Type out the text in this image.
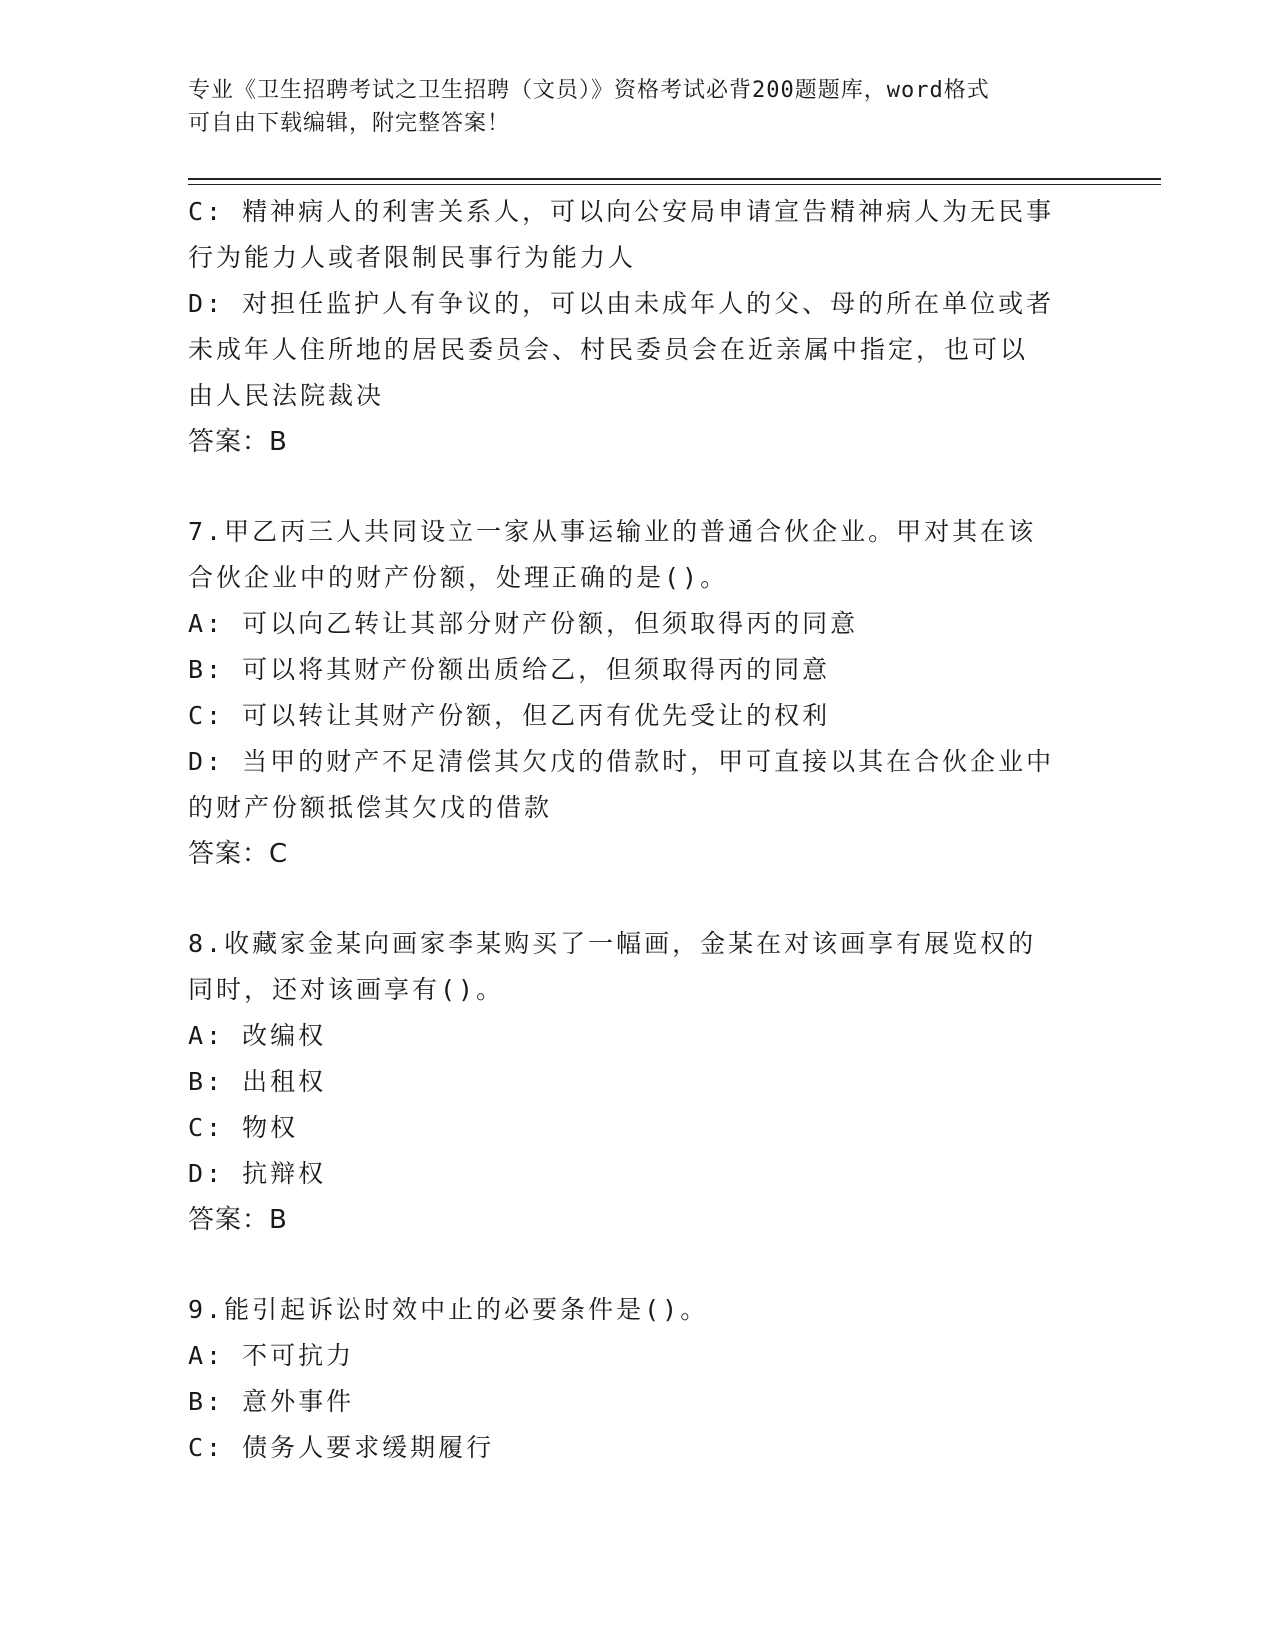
专业《卫生招聘考试之卫生招聘（文员）》资格考试必背200题题库，word格式
可自由下载编辑，附完整答案！
C: 精神病人的利害关系人，可以向公安局申请宣告精神病人为无民事
行为能力人或者限制民事行为能力人
D: 对担任监护人有争议的，可以由未成年人的父、母的所在单位或者
未成年人住所地的居民委员会、村民委员会在近亲属中指定，也可以
由人民法院裁决
答案：B
7.甲乙丙三人共同设立一家从事运输业的普通合伙企业。甲对其在该
合伙企业中的财产份额，处理正确的是()。
A: 可以向乙转让其部分财产份额，但须取得丙的同意
B: 可以将其财产份额出质给乙，但须取得丙的同意
C: 可以转让其财产份额，但乙丙有优先受让的权利
D: 当甲的财产不足清偿其欠戊的借款时，甲可直接以其在合伙企业中
的财产份额抵偿其欠戊的借款
答案：C
8.收藏家金某向画家李某购买了一幅画，金某在对该画享有展览权的
同时，还对该画享有()。
A: 改编权
B: 出租权
C: 物权
D: 抗辩权
答案：B
9.能引起诉讼时效中止的必要条件是()。
A: 不可抗力
B: 意外事件
C: 债务人要求缓期履行
